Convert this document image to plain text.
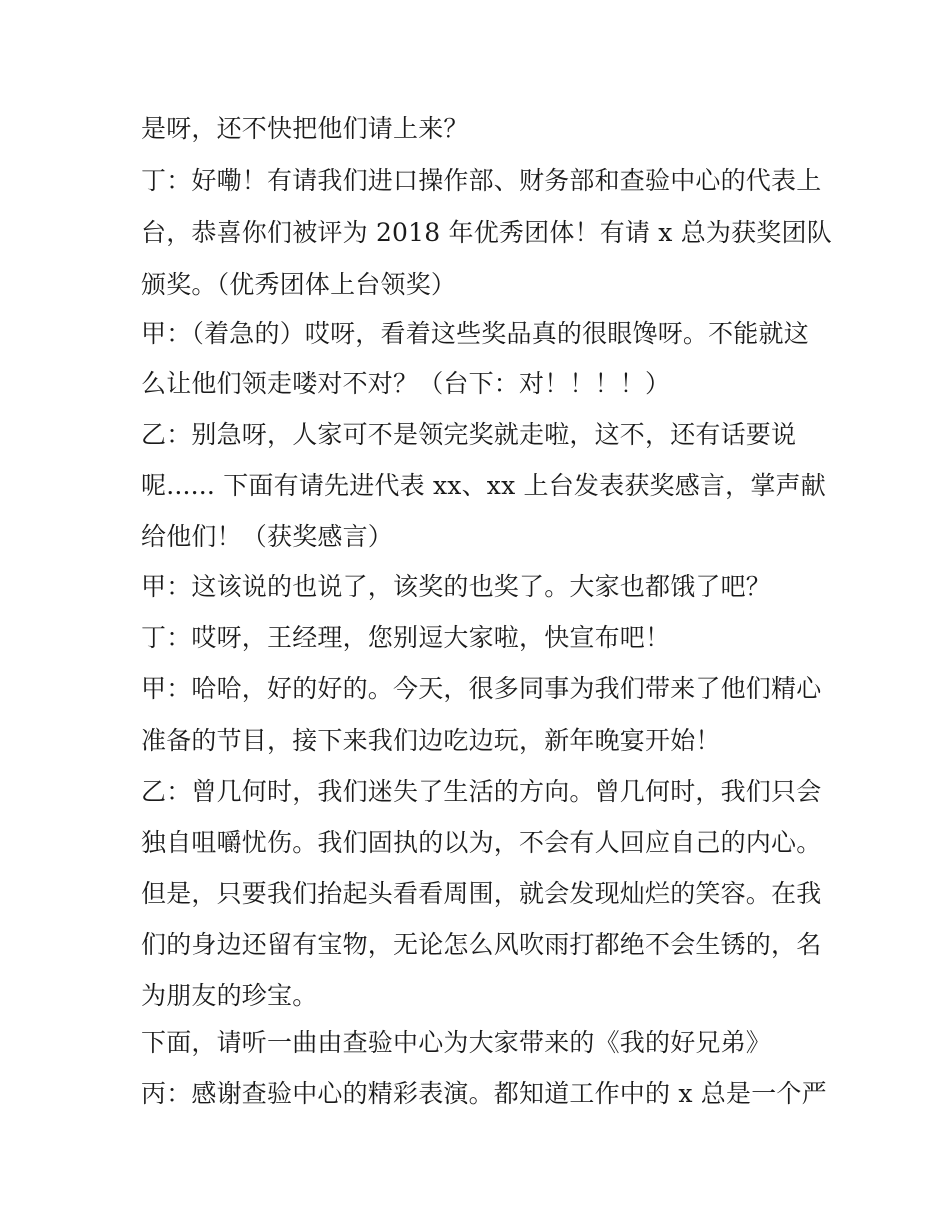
是呀，还不快把他们请上来？
丁：好嘞！有请我们进口操作部、财务部和查验中心的代表上
台，恭喜你们被评为 2018 年优秀团体！有请 x 总为获奖团队
颁奖。（优秀团体上台领奖）
甲：（着急的）哎呀，看着这些奖品真的很眼馋呀。不能就这
么让他们领走喽对不对？（台下：对！！！！）
乙：别急呀，人家可不是领完奖就走啦，这不，还有话要说
呢...... 下面有请先进代表 xx、xx 上台发表获奖感言，掌声献
给他们！（获奖感言）
甲：这该说的也说了，该奖的也奖了。大家也都饿了吧？
丁：哎呀，王经理，您别逗大家啦，快宣布吧！
甲：哈哈，好的好的。今天，很多同事为我们带来了他们精心
准备的节目，接下来我们边吃边玩，新年晚宴开始！
乙：曾几何时，我们迷失了生活的方向。曾几何时，我们只会
独自咀嚼忧伤。我们固执的以为，不会有人回应自己的内心。
但是，只要我们抬起头看看周围，就会发现灿烂的笑容。在我
们的身边还留有宝物，无论怎么风吹雨打都绝不会生锈的，名
为朋友的珍宝。
下面，请听一曲由查验中心为大家带来的《我的好兄弟》
丙：感谢查验中心的精彩表演。都知道工作中的 x 总是一个严
